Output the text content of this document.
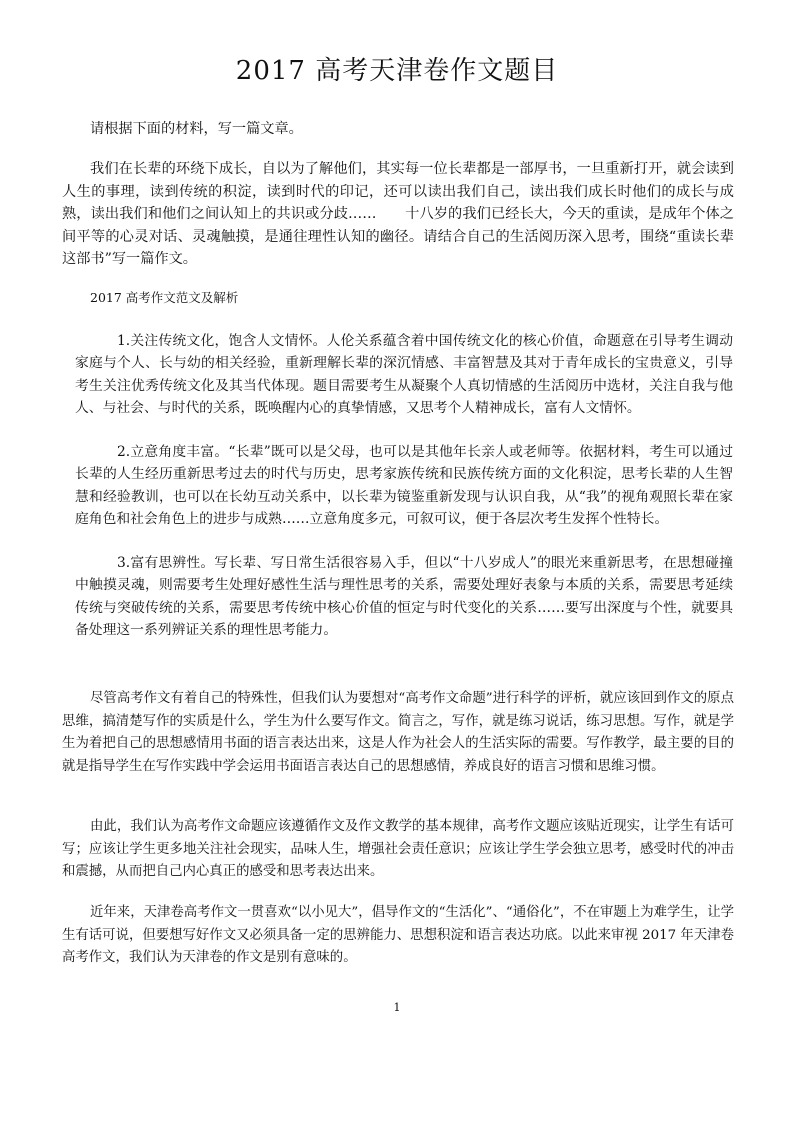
2017 高考天津卷作文题目

请根据下面的材料，写一篇文章。

我们在长辈的环绕下成长，自以为了解他们，其实每一位长辈都是一部厚书，一旦重新打开，就会读到人生的事理，读到传统的积淀，读到时代的印记，还可以读出我们自己，读出我们成长时他们的成长与成熟，读出我们和他们之间认知上的共识或分歧……　　十八岁的我们已经长大，今天的重读，是成年个体之间平等的心灵对话、灵魂触摸，是通往理性认知的幽径。请结合自己的生活阅历深入思考，围绕“重读长辈这部书”写一篇作文。

2017 高考作文范文及解析

1.关注传统文化，饱含人文情怀。人伦关系蕴含着中国传统文化的核心价值，命题意在引导考生调动家庭与个人、长与幼的相关经验，重新理解长辈的深沉情感、丰富智慧及其对于青年成长的宝贵意义，引导考生关注优秀传统文化及其当代体现。题目需要考生从凝聚个人真切情感的生活阅历中选材，关注自我与他人、与社会、与时代的关系，既唤醒内心的真挚情感，又思考个人精神成长，富有人文情怀。

2.立意角度丰富。“长辈”既可以是父母，也可以是其他年长亲人或老师等。依据材料，考生可以通过长辈的人生经历重新思考过去的时代与历史，思考家族传统和民族传统方面的文化积淀，思考长辈的人生智慧和经验教训，也可以在长幼互动关系中，以长辈为镜鉴重新发现与认识自我，从“我”的视角观照长辈在家庭角色和社会角色上的进步与成熟……立意角度多元，可叙可议，便于各层次考生发挥个性特长。

3.富有思辨性。写长辈、写日常生活很容易入手，但以“十八岁成人”的眼光来重新思考，在思想碰撞中触摸灵魂，则需要考生处理好感性生活与理性思考的关系，需要处理好表象与本质的关系，需要思考延续传统与突破传统的关系，需要思考传统中核心价值的恒定与时代变化的关系……要写出深度与个性，就要具备处理这一系列辨证关系的理性思考能力。

尽管高考作文有着自己的特殊性，但我们认为要想对“高考作文命题”进行科学的评析，就应该回到作文的原点思维，搞清楚写作的实质是什么，学生为什么要写作文。简言之，写作，就是练习说话，练习思想。写作，就是学生为着把自己的思想感情用书面的语言表达出来，这是人作为社会人的生活实际的需要。写作教学，最主要的目的就是指导学生在写作实践中学会运用书面语言表达自己的思想感情，养成良好的语言习惯和思维习惯。

由此，我们认为高考作文命题应该遵循作文及作文教学的基本规律，高考作文题应该贴近现实，让学生有话可写；应该让学生更多地关注社会现实，品味人生，增强社会责任意识；应该让学生学会独立思考，感受时代的冲击和震撼，从而把自己内心真正的感受和思考表达出来。

近年来，天津卷高考作文一贯喜欢“以小见大”，倡导作文的“生活化”、“通俗化”，不在审题上为难学生，让学生有话可说，但要想写好作文又必须具备一定的思辨能力、思想积淀和语言表达功底。以此来审视 2017 年天津卷高考作文，我们认为天津卷的作文是别有意味的。

1
